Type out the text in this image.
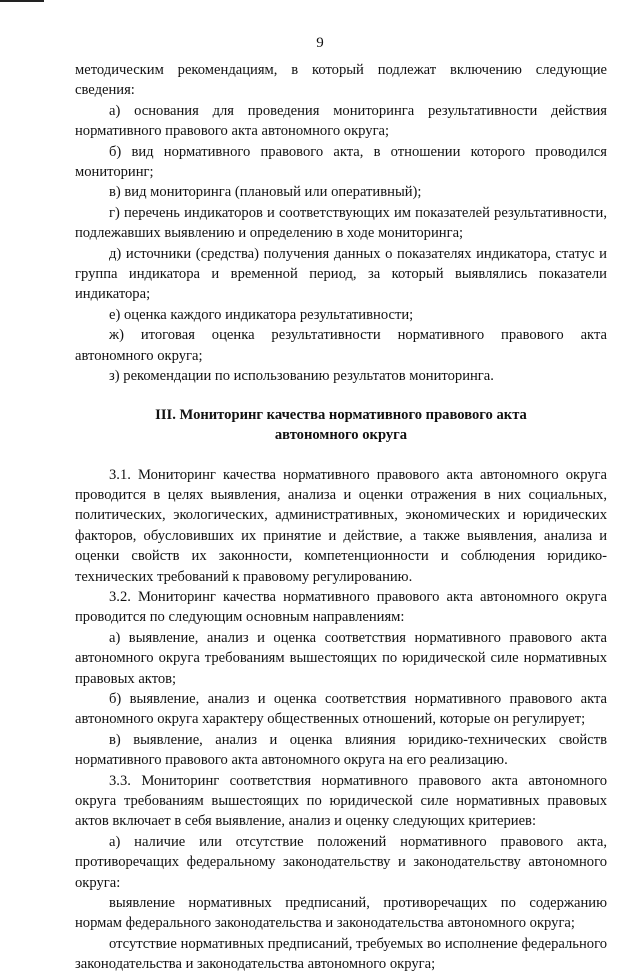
9

методическим рекомендациям, в который подлежат включению следующие сведения:

а) основания для проведения мониторинга результативности действия нормативного правового акта автономного округа;

б) вид нормативного правового акта, в отношении которого проводился мониторинг;

в) вид мониторинга (плановый или оперативный);

г) перечень индикаторов и соответствующих им показателей результативности, подлежавших выявлению и определению в ходе мониторинга;

д) источники (средства) получения данных о показателях индикатора, статус и группа индикатора и временной период, за который выявлялись показатели индикатора;

е) оценка каждого индикатора результативности;

ж) итоговая оценка результативности нормативного правового акта автономного округа;

з) рекомендации по использованию результатов мониторинга.

III. Мониторинг качества нормативного правового акта
автономного округа

3.1. Мониторинг качества нормативного правового акта автономного округа проводится в целях выявления, анализа и оценки отражения в них социальных, политических, экологических, административных, экономических и юридических факторов, обусловивших их принятие и действие, а также выявления, анализа и оценки свойств их законности, компетенционности и соблюдения юридико-технических требований к правовому регулированию.

3.2. Мониторинг качества нормативного правового акта автономного округа проводится по следующим основным направлениям:

а) выявление, анализ и оценка соответствия нормативного правового акта автономного округа требованиям вышестоящих по юридической силе нормативных правовых актов;

б) выявление, анализ и оценка соответствия нормативного правового акта автономного округа характеру общественных отношений, которые он регулирует;

в) выявление, анализ и оценка влияния юридико-технических свойств нормативного правового акта автономного округа на его реализацию.

3.3. Мониторинг соответствия нормативного правового акта автономного округа требованиям вышестоящих по юридической силе нормативных правовых актов включает в себя выявление, анализ и оценку следующих критериев:

а) наличие или отсутствие положений нормативного правового акта, противоречащих федеральному законодательству и законодательству автономного округа:

выявление нормативных предписаний, противоречащих по содержанию нормам федерального законодательства и законодательства автономного округа;

отсутствие нормативных предписаний, требуемых во исполнение федерального законодательства и законодательства автономного округа;
